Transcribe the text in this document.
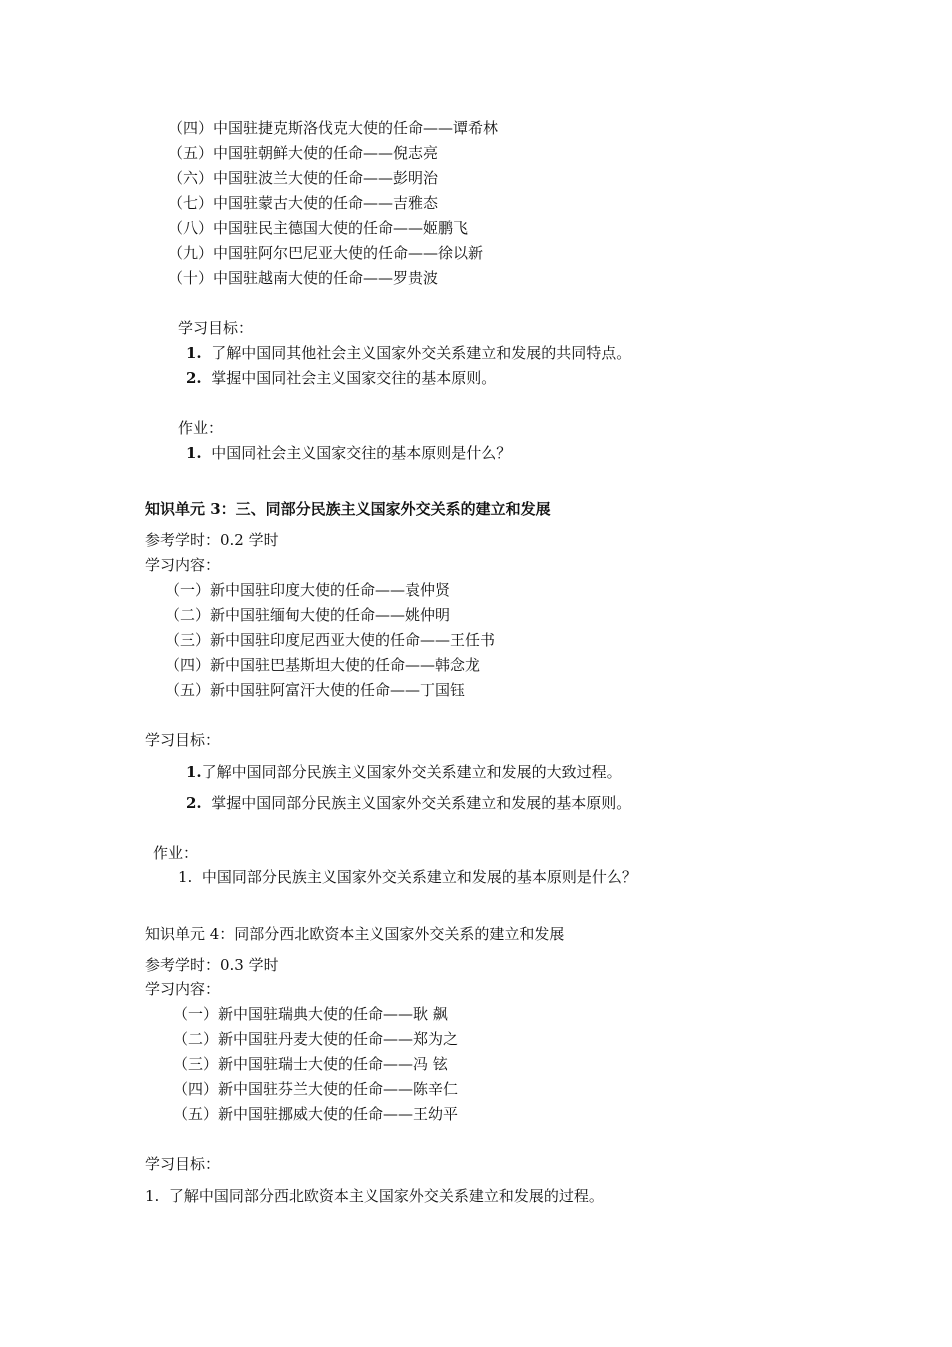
（四）中国驻捷克斯洛伐克大使的任命——谭希林

（五）中国驻朝鲜大使的任命——倪志亮

（六）中国驻波兰大使的任命——彭明治

（七）中国驻蒙古大使的任命——吉雅态

（八）中国驻民主德国大使的任命——姬鹏飞

（九）中国驻阿尔巴尼亚大使的任命——徐以新

（十）中国驻越南大使的任命——罗贵波

学习目标：

1. 了解中国同其他社会主义国家外交关系建立和发展的共同特点。

2. 掌握中国同社会主义国家交往的基本原则。

作业：

1. 中国同社会主义国家交往的基本原则是什么？

知识单元 3：三、同部分民族主义国家外交关系的建立和发展

参考学时：0.2 学时

学习内容：

（一）新中国驻印度大使的任命——袁仲贤

（二）新中国驻缅甸大使的任命——姚仲明

（三）新中国驻印度尼西亚大使的任命——王任书

（四）新中国驻巴基斯坦大使的任命——韩念龙

（五）新中国驻阿富汗大使的任命——丁国钰

学习目标：

1.了解中国同部分民族主义国家外交关系建立和发展的大致过程。

2. 掌握中国同部分民族主义国家外交关系建立和发展的基本原则。

作业：

1. 中国同部分民族主义国家外交关系建立和发展的基本原则是什么？

知识单元 4：同部分西北欧资本主义国家外交关系的建立和发展

参考学时：0.3 学时

学习内容：

（一）新中国驻瑞典大使的任命——耿 飙

（二）新中国驻丹麦大使的任命——郑为之

（三）新中国驻瑞士大使的任命——冯 铉

（四）新中国驻芬兰大使的任命——陈辛仁

（五）新中国驻挪威大使的任命——王幼平

学习目标：

1. 了解中国同部分西北欧资本主义国家外交关系建立和发展的过程。
